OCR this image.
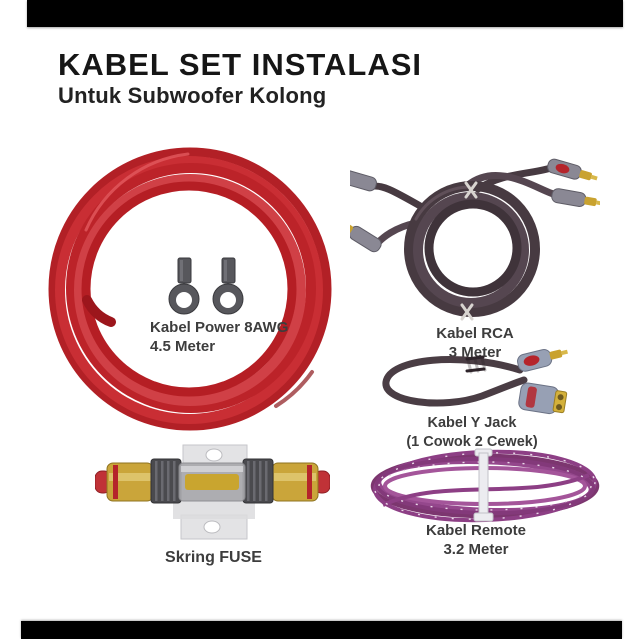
KABEL SET INSTALASI
Untuk Subwoofer Kolong
Kabel Power 8AWG
4.5 Meter
Kabel RCA
3 Meter
Kabel Y Jack
(1 Cowok 2 Cewek)
Kabel Remote
3.2 Meter
Skring FUSE
